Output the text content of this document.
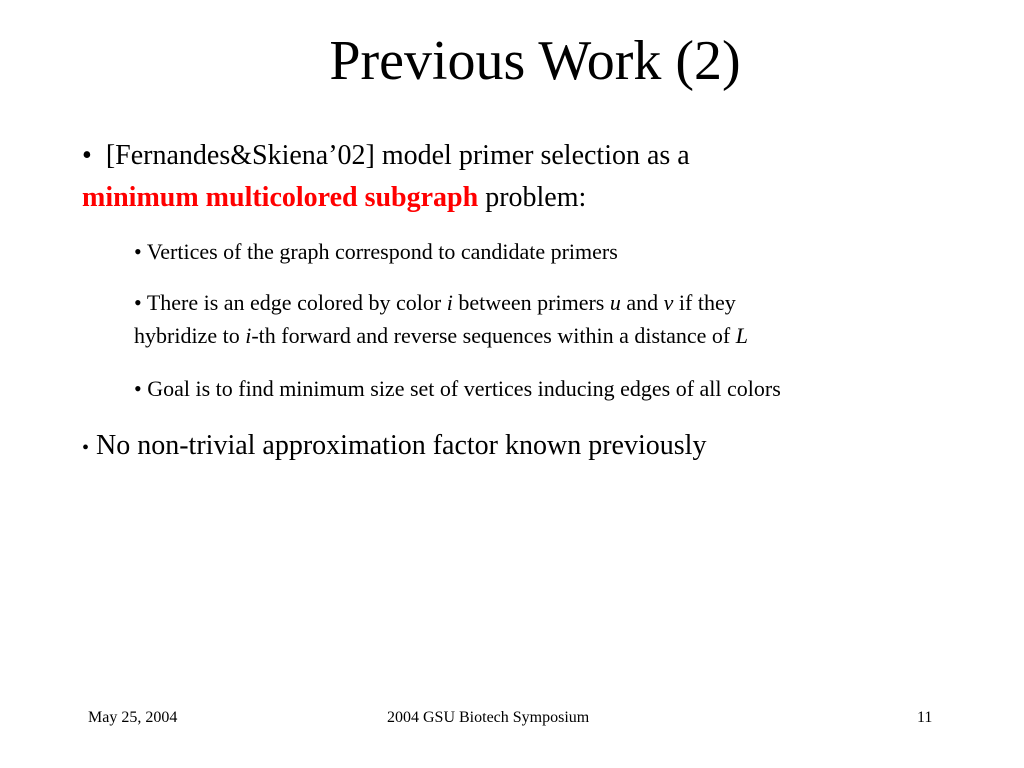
Previous Work (2)
• [Fernandes&Skiena’02] model primer selection as a
minimum multicolored subgraph problem:
• Vertices of the graph correspond to candidate primers
• There is an edge colored by color i between primers u and v if they
hybridize to i-th forward and reverse sequences within a distance of L
• Goal is to find minimum size set of vertices inducing edges of all colors
• No non-trivial approximation factor known previously
May 25, 2004	2004 GSU Biotech Symposium	11
